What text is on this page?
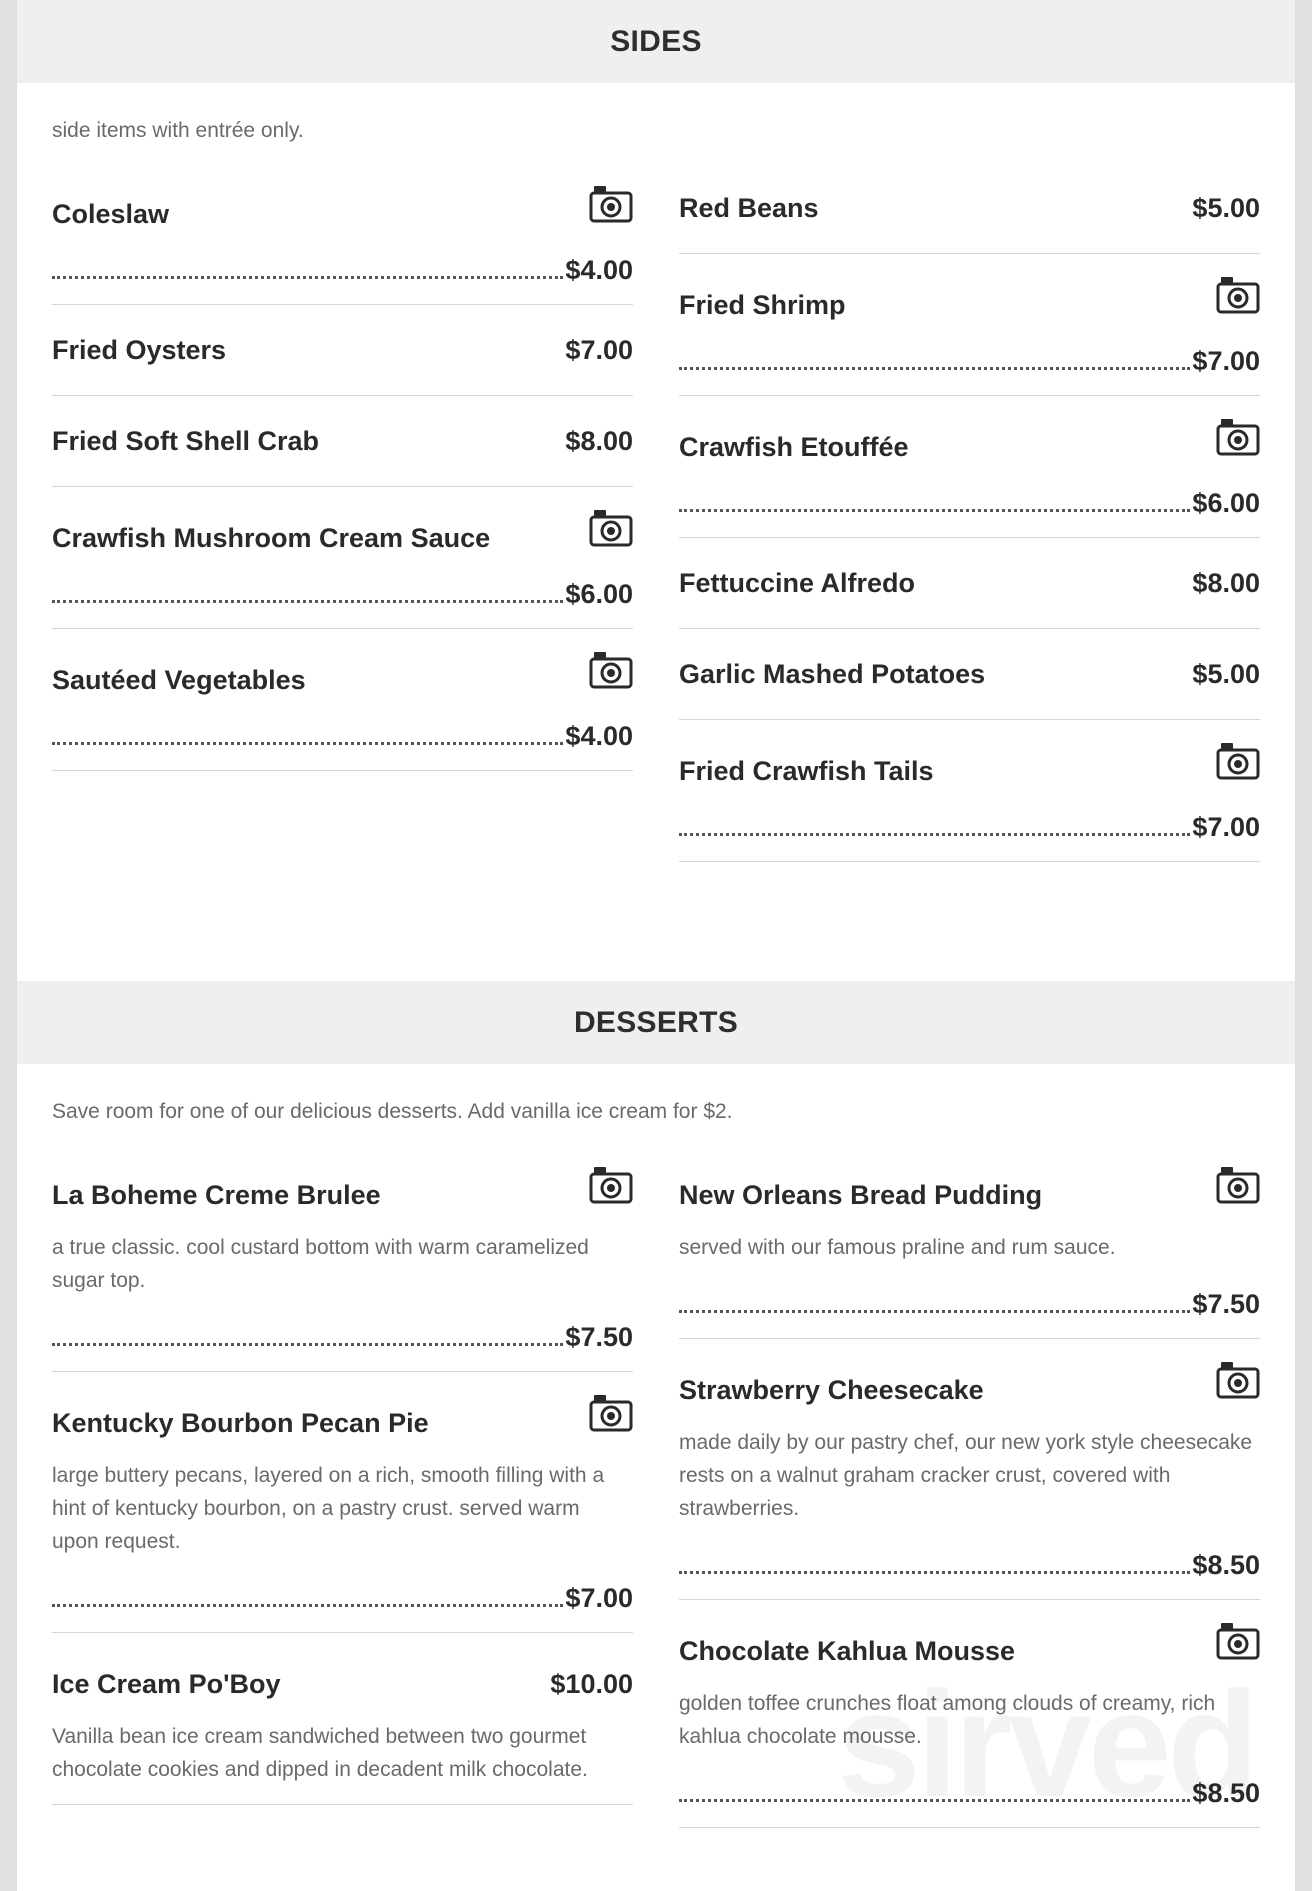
SIDES
side items with entrée only.
Coleslaw
$4.00
Fried Oysters	$7.00
Fried Soft Shell Crab	$8.00
Crawfish Mushroom Cream Sauce
$6.00
Sautéed Vegetables
$4.00
Red Beans	$5.00
Fried Shrimp
$7.00
Crawfish Etouffée
$6.00
Fettuccine Alfredo	$8.00
Garlic Mashed Potatoes	$5.00
Fried Crawfish Tails
$7.00
DESSERTS
Save room for one of our delicious desserts. Add vanilla ice cream for $2.
La Boheme Creme Brulee
a true classic. cool custard bottom with warm caramelized sugar top.
$7.50
Kentucky Bourbon Pecan Pie
large buttery pecans, layered on a rich, smooth filling with a hint of kentucky bourbon, on a pastry crust. served warm upon request.
$7.00
Ice Cream Po'Boy	$10.00
Vanilla bean ice cream sandwiched between two gourmet chocolate cookies and dipped in decadent milk chocolate.
New Orleans Bread Pudding
served with our famous praline and rum sauce.
$7.50
Strawberry Cheesecake
made daily by our pastry chef, our new york style cheesecake rests on a walnut graham cracker crust, covered with strawberries.
$8.50
Chocolate Kahlua Mousse
golden toffee crunches float among clouds of creamy, rich kahlua chocolate mousse.
$8.50
